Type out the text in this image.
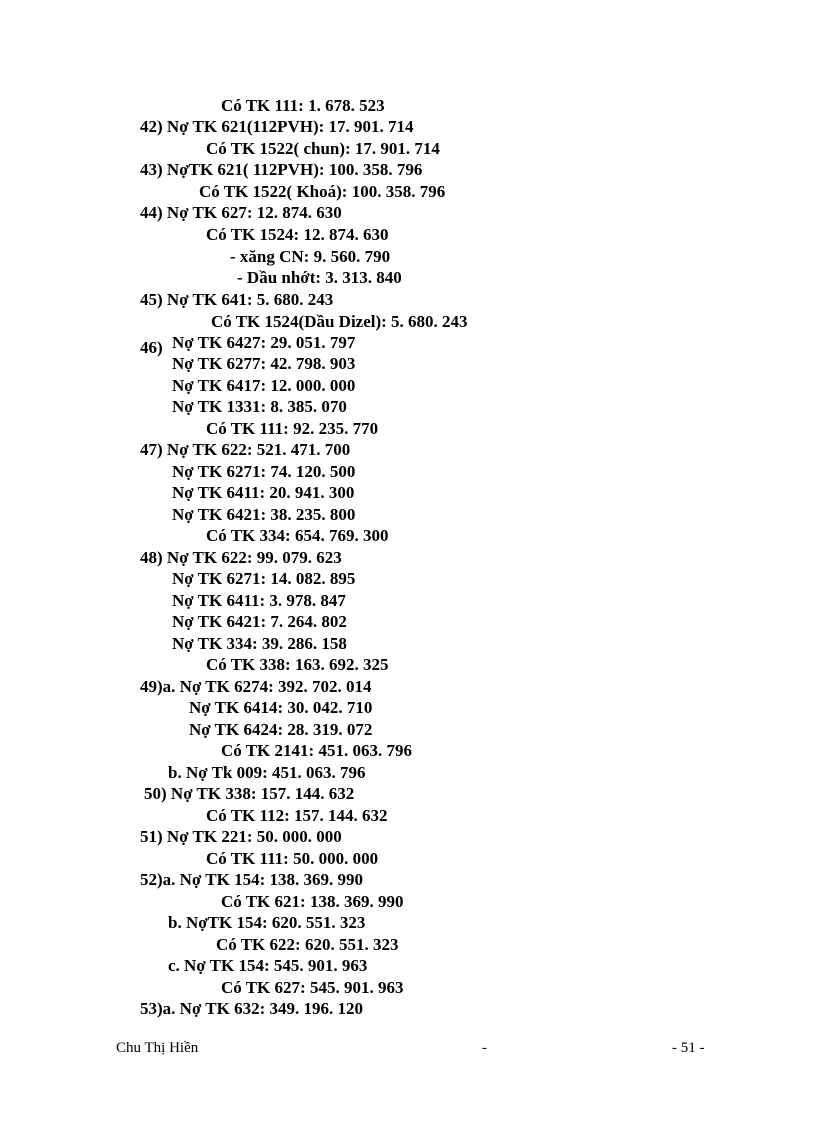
Có TK 111: 1. 678. 523
42) Nợ TK 621(112PVH): 17. 901. 714
Có TK 1522( chun): 17. 901. 714
43) NợTK 621( 112PVH): 100. 358. 796
Có TK 1522( Khoá): 100. 358. 796
44) Nợ TK 627: 12. 874. 630
Có TK 1524: 12. 874. 630
- xăng CN: 9. 560. 790
- Dầu nhớt: 3. 313. 840
45) Nợ TK 641: 5. 680. 243
Có TK 1524(Dầu Dizel): 5. 680. 243
46) Nợ TK 6427: 29. 051. 797
Nợ TK 6277: 42. 798. 903
Nợ TK 6417: 12. 000. 000
Nợ TK 1331: 8. 385. 070
Có TK 111: 92. 235. 770
47) Nợ TK 622: 521. 471. 700
Nợ TK 6271: 74. 120. 500
Nợ TK 6411: 20. 941. 300
Nợ TK 6421: 38. 235. 800
Có TK 334: 654. 769. 300
48) Nợ TK 622: 99. 079. 623
Nợ TK 6271: 14. 082. 895
Nợ TK 6411: 3. 978. 847
Nợ TK 6421: 7. 264. 802
Nợ TK 334: 39. 286. 158
Có TK 338: 163. 692. 325
49)a. Nợ TK 6274: 392. 702. 014
Nợ TK 6414: 30. 042. 710
Nợ TK 6424: 28. 319. 072
Có TK 2141: 451. 063. 796
b. Nợ Tk 009: 451. 063. 796
50) Nợ TK 338: 157. 144. 632
Có TK 112: 157. 144. 632
51) Nợ TK 221: 50. 000. 000
Có TK 111: 50. 000. 000
52)a. Nợ TK 154: 138. 369. 990
Có TK 621: 138. 369. 990
b. NợTK 154: 620. 551. 323
Có TK 622: 620. 551. 323
c. Nợ TK 154: 545. 901. 963
Có TK 627: 545. 901. 963
53)a. Nợ TK 632: 349. 196. 120
Chu Thị Hiền	-	- 51 -
